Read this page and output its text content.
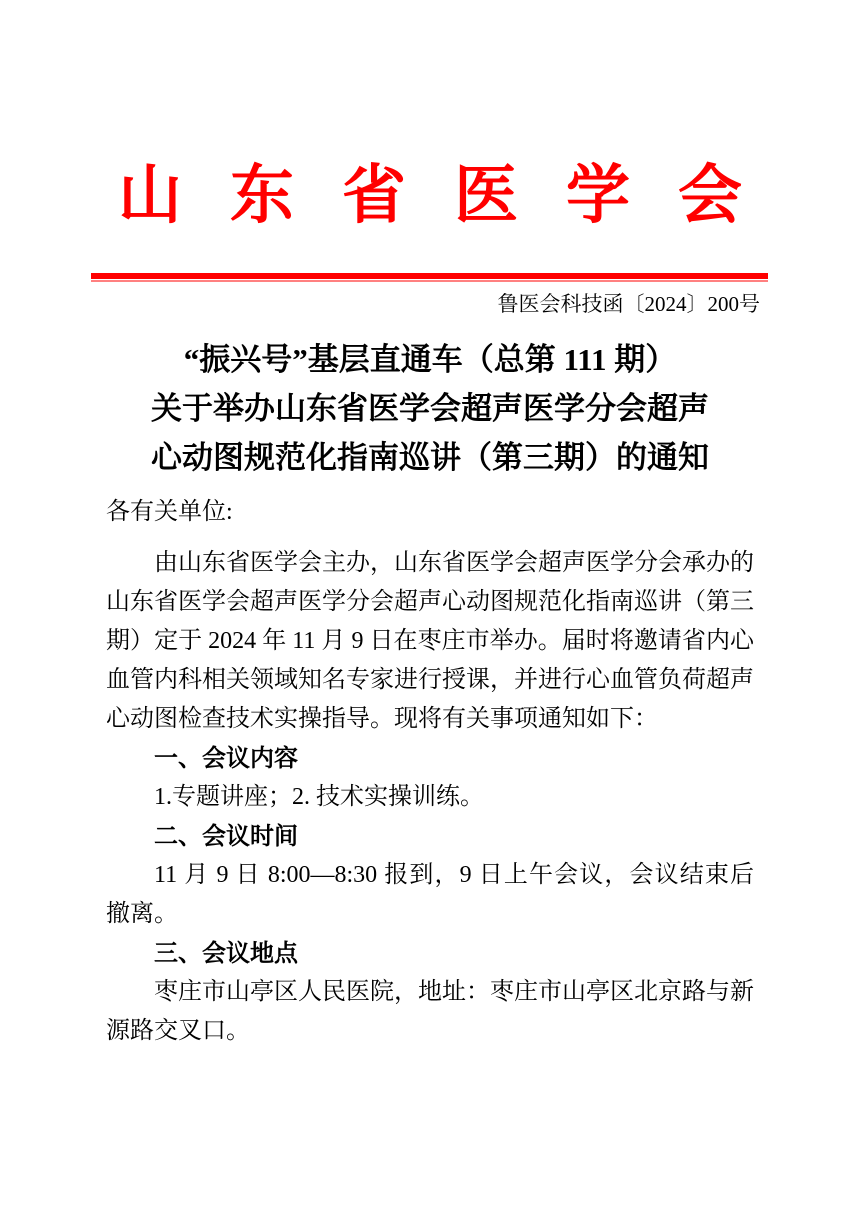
山东省医学会
鲁医会科技函〔2024〕200号
“振兴号”基层直通车（总第 111 期）
关于举办山东省医学会超声医学分会超声
心动图规范化指南巡讲（第三期）的通知
各有关单位:

由山东省医学会主办，山东省医学会超声医学分会承办的山东省医学会超声医学分会超声心动图规范化指南巡讲（第三期）定于 2024 年 11 月 9 日在枣庄市举办。届时将邀请省内心血管内科相关领域知名专家进行授课，并进行心血管负荷超声心动图检查技术实操指导。现将有关事项通知如下：

一、会议内容

1.专题讲座；2. 技术实操训练。

二、会议时间

11 月 9 日 8:00—8:30 报到，9 日上午会议，会议结束后撤离。

三、会议地点

枣庄市山亭区人民医院，地址：枣庄市山亭区北京路与新源路交叉口。
